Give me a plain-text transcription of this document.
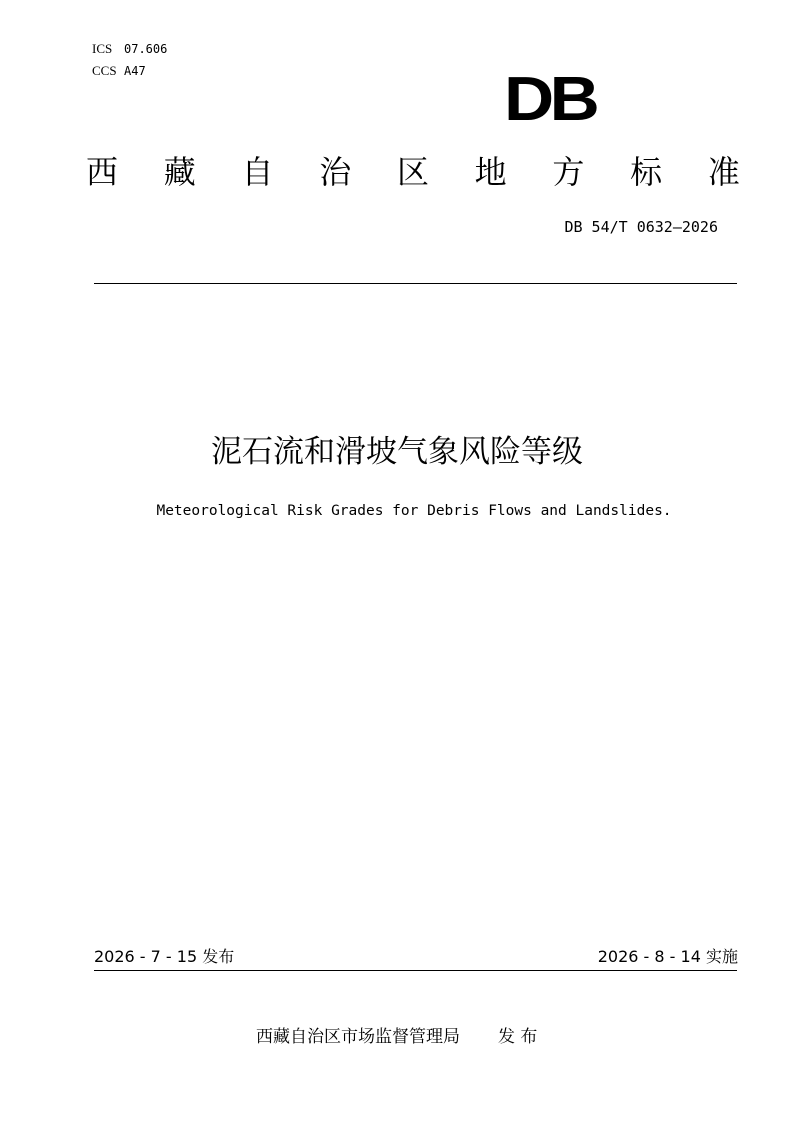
ICS 07.606
CCS A47	DB
西 藏 自 治 区 地 方 标 准
DB 54/T 0632—2026
泥石流和滑坡气象风险等级
Meteorological Risk Grades for Debris Flows and Landslides.
2026 - 7 - 15 发布	2026 - 8 - 14 实施
西藏自治区市场监督管理局 发 布
